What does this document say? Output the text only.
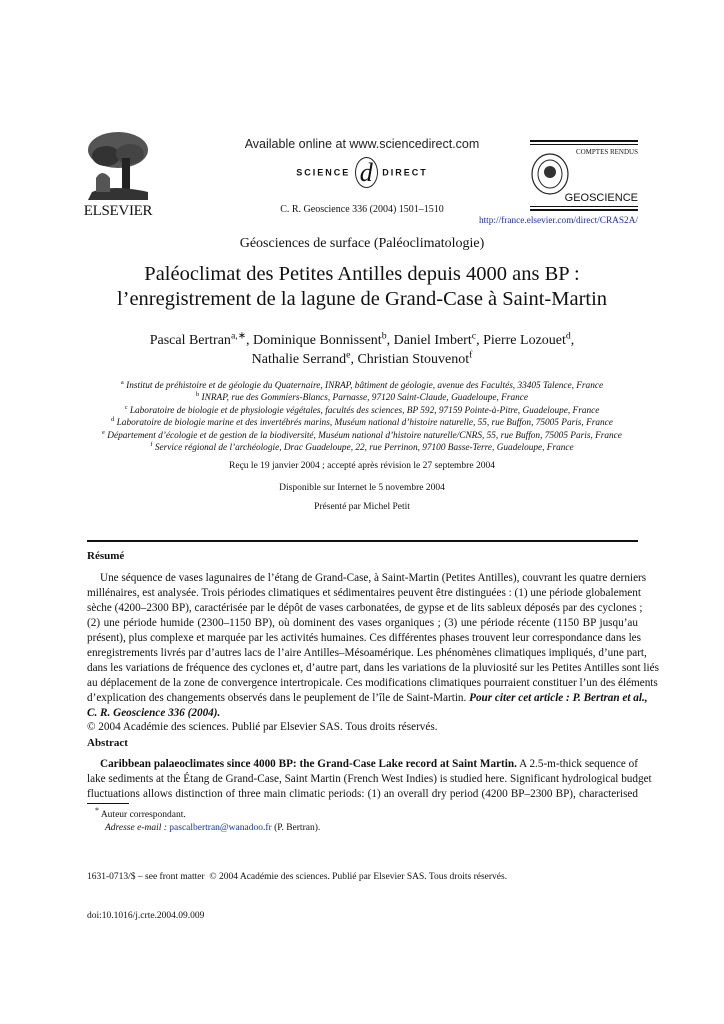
ELSEVIER
Available online at www.sciencedirect.com
SCIENCE d DIRECT
C. R. Geoscience 336 (2004) 1501–1510
COMPTES RENDUS
GEOSCIENCE
http://france.elsevier.com/direct/CRAS2A/
Géosciences de surface (Paléoclimatologie)
Paléoclimat des Petites Antilles depuis 4000 ans BP :
l’enregistrement de la lagune de Grand-Case à Saint-Martin
Pascal Bertran$^{a,∗}$, Dominique Bonnissent$^b$, Daniel Imbert$^c$, Pierre Lozouet$^d$,
Nathalie Serrand$^e$, Christian Stouvenot$^f$
$^a$ Institut de préhistoire et de géologie du Quaternaire, INRAP, bâtiment de géologie, avenue des Facultés, 33405 Talence, France
$^b$ INRAP, rue des Gommiers-Blancs, Parnasse, 97120 Saint-Claude, Guadeloupe, France
$^c$ Laboratoire de biologie et de physiologie végétales, facultés des sciences, BP 592, 97159 Pointe-à-Pitre, Guadeloupe, France
$^d$ Laboratoire de biologie marine et des invertébrés marins, Muséum national d’histoire naturelle, 55, rue Buffon, 75005 Paris, France
$^e$ Département d’écologie et de gestion de la biodiversité, Muséum national d’histoire naturelle/CNRS, 55, rue Buffon, 75005 Paris, France
$^f$ Service régional de l’archéologie, Drac Guadeloupe, 22, rue Perrinon, 97100 Basse-Terre, Guadeloupe, France
Reçu le 19 janvier 2004 ; accepté après révision le 27 septembre 2004
Disponible sur Internet le 5 novembre 2004
Présenté par Michel Petit
Résumé
Une séquence de vases lagunaires de l’étang de Grand-Case, à Saint-Martin (Petites Antilles), couvrant les quatre derniers
millénaires, est analysée. Trois périodes climatiques et sédimentaires peuvent être distinguées : (1) une période globalement
sèche (4200–2300 BP), caractérisée par le dépôt de vases carbonatées, de gypse et de lits sableux déposés par des cyclones ;
(2) une période humide (2300–1150 BP), où dominent des vases organiques ; (3) une période récente (1150 BP jusqu’au
présent), plus complexe et marquée par les activités humaines. Ces différentes phases trouvent leur correspondance dans les
enregistrements livrés par d’autres lacs de l’aire Antilles–Mésoamérique. Les phénomènes climatiques impliqués, d’une part,
dans les variations de fréquence des cyclones et, d’autre part, dans les variations de la pluviosité sur les Petites Antilles sont liés
au déplacement de la zone de convergence intertropicale. Ces modifications climatiques pourraient constituer l’un des éléments
d’explication des changements observés dans le peuplement de l’île de Saint-Martin. Pour citer cet article : P. Bertran et al.,
C. R. Geoscience 336 (2004).
© 2004 Académie des sciences. Publié par Elsevier SAS. Tous droits réservés.
Abstract
Caribbean palaeoclimates since 4000 BP: the Grand-Case Lake record at Saint Martin. A 2.5-m-thick sequence of
lake sediments at the Étang de Grand-Case, Saint Martin (French West Indies) is studied here. Significant hydrological budget
fluctuations allows distinction of three main climatic periods: (1) an overall dry period (4200 BP–2300 BP), characterised
* Auteur correspondant.
Adresse e-mail : pascalbertran@wanadoo.fr (P. Bertran).

1631-0713/$ – see front matter  © 2004 Académie des sciences. Publié par Elsevier SAS. Tous droits réservés.

doi:10.1016/j.crte.2004.09.009
